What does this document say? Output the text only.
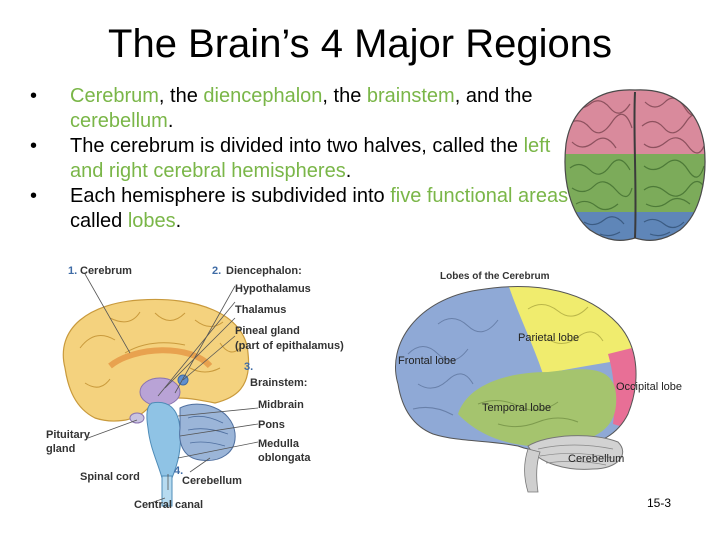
The Brain’s 4 Major Regions
• Cerebrum, the diencephalon, the brainstem, and the cerebellum.
• The cerebrum is divided into two halves, called the left and right cerebral hemispheres.
• Each hemisphere is subdivided into five functional areas called lobes.
1. Cerebrum	2. Diencephalon:
Hypothalamus
Thalamus
Pineal gland
(part of epithalamus)
3.
Brainstem:
Midbrain
Pons
Medulla
oblongata
Pituitary
gland
Spinal cord	4.
Cerebellum
Central canal
Lobes of the Cerebrum
Frontal lobe
Parietal lobe
Occipital lobe
Temporal lobe
Cerebellum
15-3
